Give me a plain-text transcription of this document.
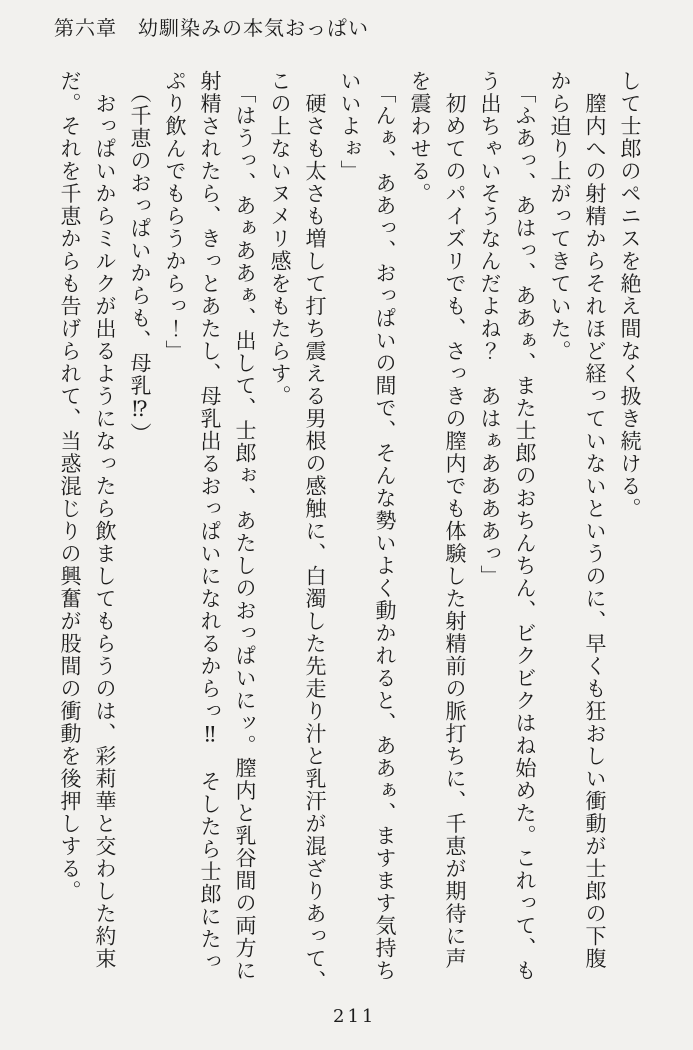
第六章　幼馴染みの本気おっぱい
して士郎のペニスを絶え間なく扱き続ける。
　膣内への射精からそれほど経っていないというのに、早くも狂おしい衝動が士郎の下腹
から迫り上がってきていた。
　「ふあっ、あはっ、ああぁ、また士郎のおちんちん、ビクビクはね始めた。これって、も
う出ちゃいそうなんだよね？　あはぁああああっ」
　初めてのパイズリでも、さっきの膣内でも体験した射精前の脈打ちに、千恵が期待に声
を震わせる。
　「んぁ、ああっ、おっぱいの間で、そんな勢いよく動かれると、ああぁ、ますます気持ち
いいよぉ」
　硬さも太さも増して打ち震える男根の感触に、白濁した先走り汁と乳汗が混ざりあって、
この上ないヌメリ感をもたらす。
　「はうっ、あぁああぁ、出して、士郎ぉ、あたしのおっぱいにッ。膣内と乳谷間の両方に
射精されたら、きっとあたし、母乳出るおっぱいになれるからっ‼　そしたら士郎にたっ
ぷり飲んでもらうからっ！」
　（千恵のおっぱいからも、母乳⁉）
　おっぱいからミルクが出るようになったら飲ましてもらうのは、彩莉華と交わした約束
だ。それを千恵からも告げられて、当惑混じりの興奮が股間の衝動を後押しする。
211
